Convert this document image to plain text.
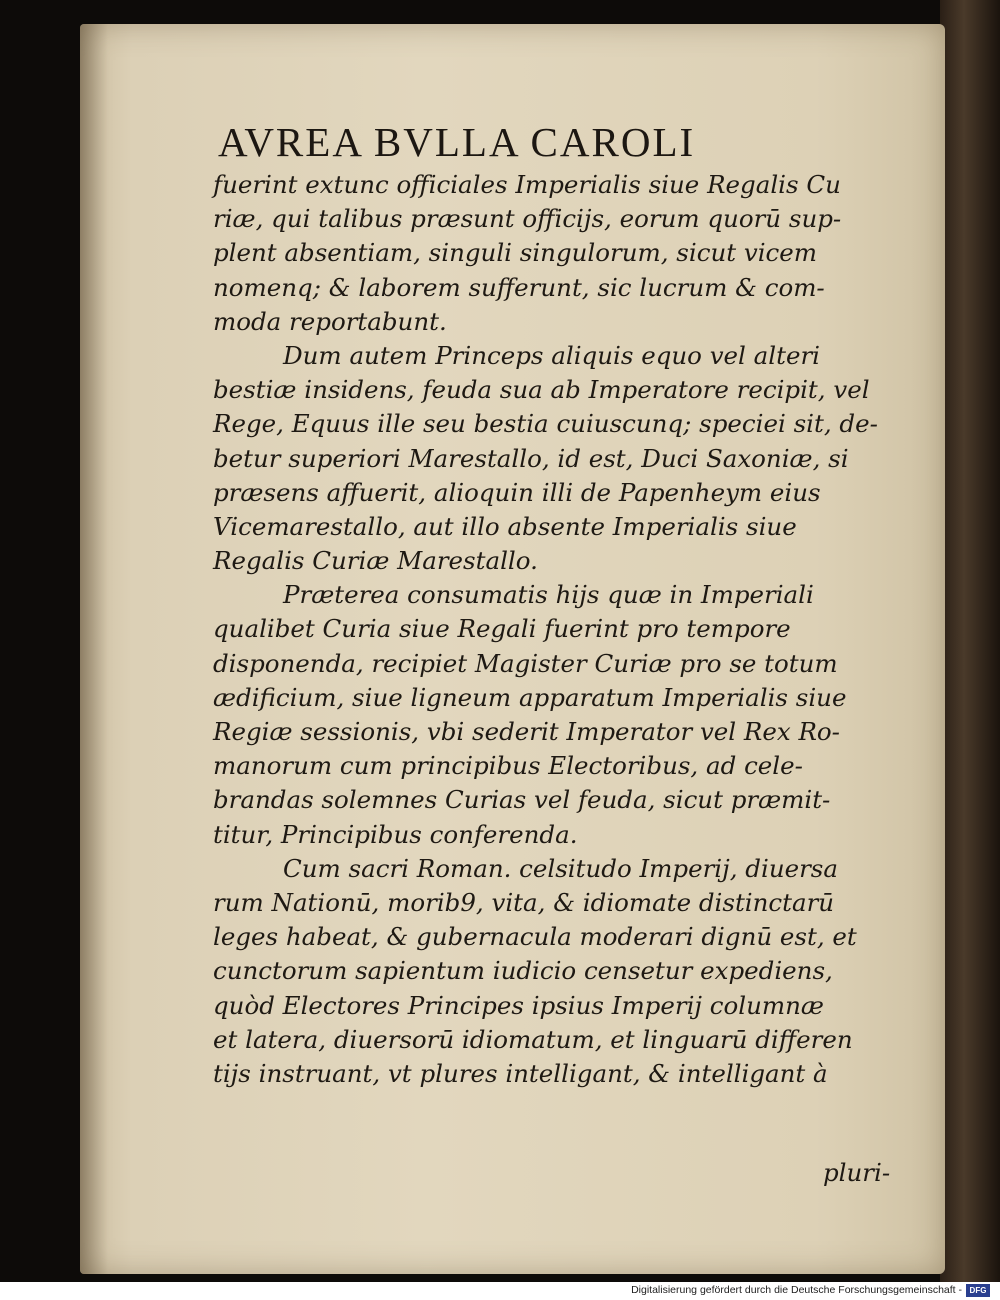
AVREA BVLLA CAROLI
fuerint extunc officiales Imperialis siue Regalis Cu
riæ, qui talibus præsunt officijs, eorum quorū sup-
plent absentiam, singuli singulorum, sicut vicem
nomenq; & laborem sufferunt, sic lucrum & com-
moda reportabunt.
Dum autem Princeps aliquis equo vel alteri
bestiæ insidens, feuda sua ab Imperatore recipit, vel
Rege, Equus ille seu bestia cuiuscunq; speciei sit, de-
betur superiori Marestallo, id est, Duci Saxoniæ, si
præsens affuerit, alioquin illi de Papenheym eius
Vicemarestallo, aut illo absente Imperialis siue
Regalis Curiæ Marestallo.
Præterea consumatis hijs quæ in Imperiali
qualibet Curia siue Regali fuerint pro tempore
disponenda, recipiet Magister Curiæ pro se totum
ædificium, siue ligneum apparatum Imperialis siue
Regiæ sessionis, vbi sederit Imperator vel Rex Ro-
manorum cum principibus Electoribus, ad cele-
brandas solemnes Curias vel feuda, sicut præmit-
titur, Principibus conferenda.
Cum sacri Roman. celsitudo Imperij, diuersa
rum Nationū, morib9, vita, & idiomate distinctarū
leges habeat, & gubernacula moderari dignū est, et
cunctorum sapientum iudicio censetur expediens,
quòd Electores Principes ipsius Imperij columnæ
et latera, diuersorū idiomatum, et linguarū differen
tijs instruant, vt plures intelligant, & intelligant à
pluri-
Digitalisierung gefördert durch die Deutsche Forschungsgemeinschaft - DFG
